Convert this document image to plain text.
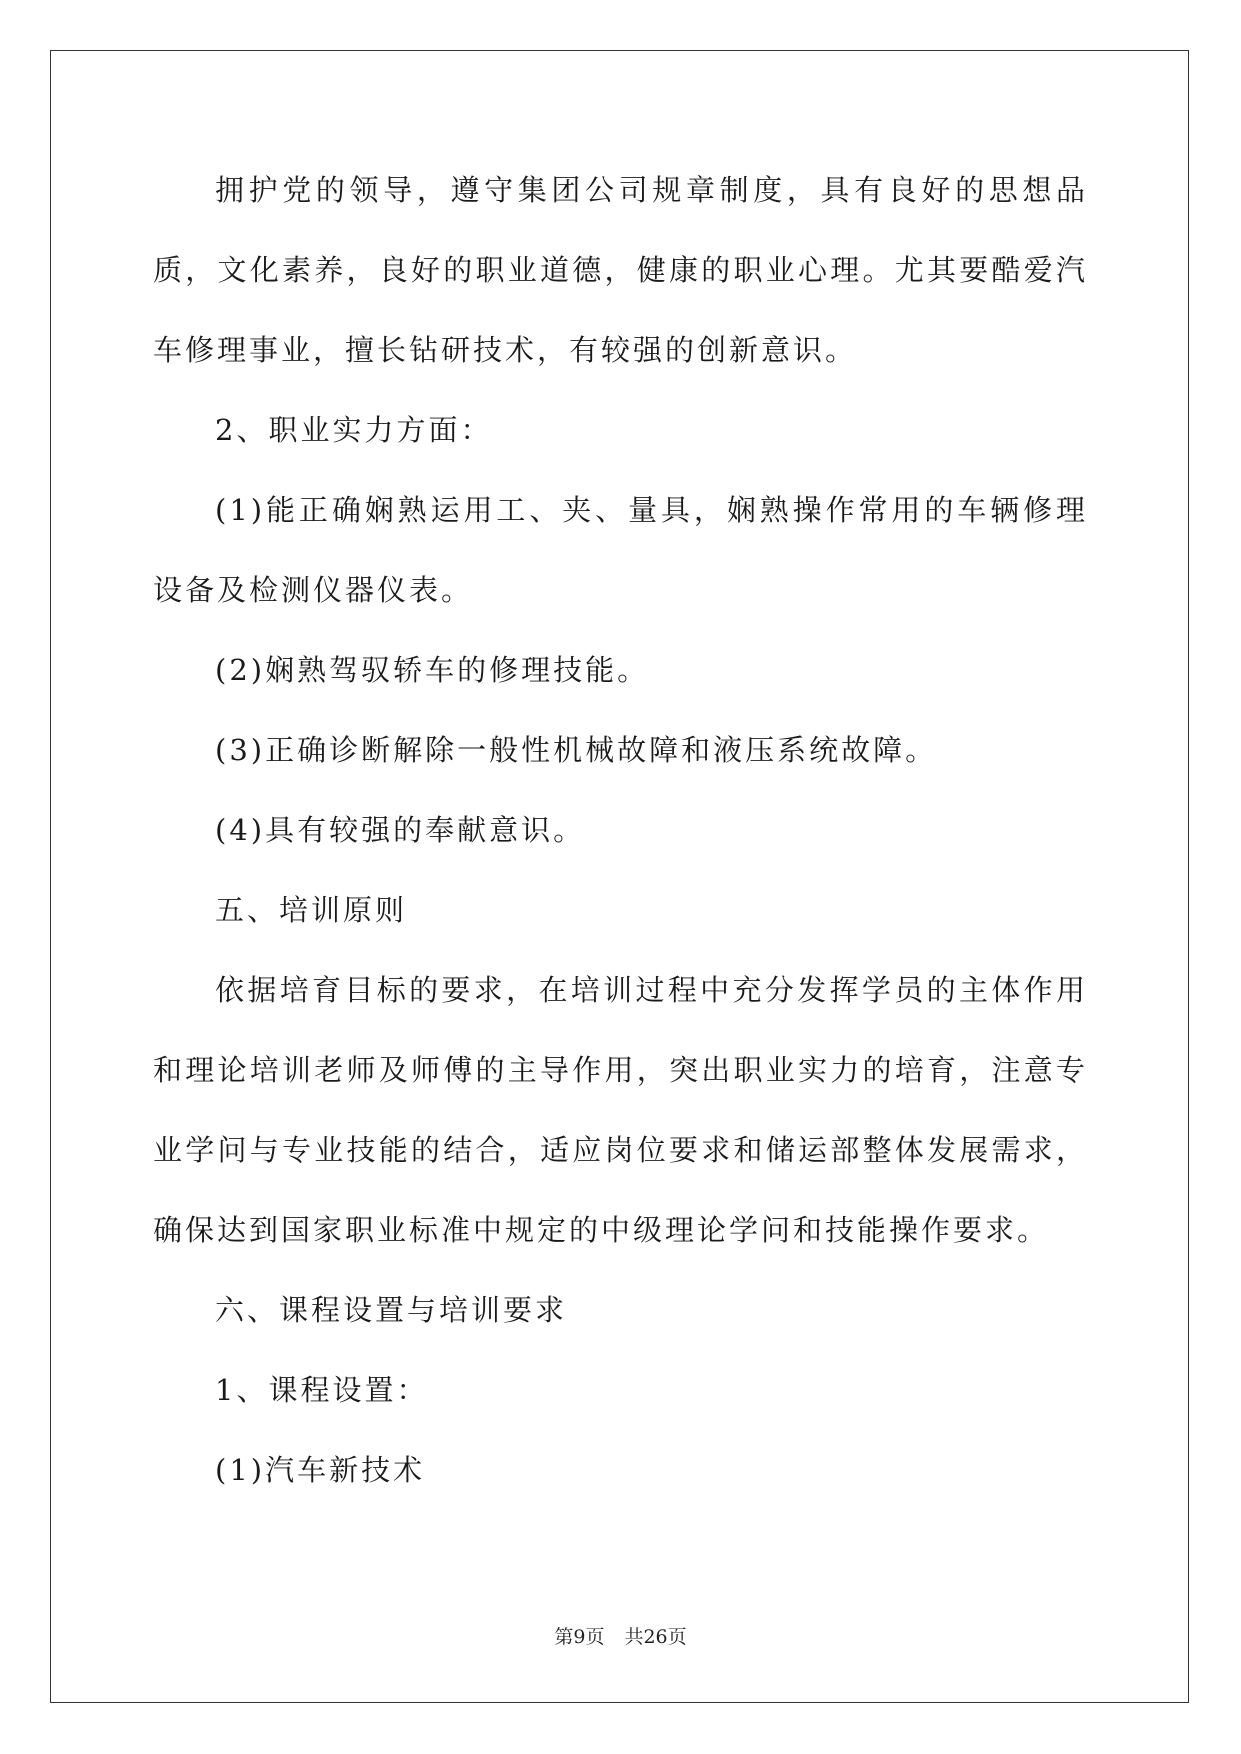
拥护党的领导，遵守集团公司规章制度，具有良好的思想品质，文化素养，良好的职业道德，健康的职业心理。尤其要酷爱汽车修理事业，擅长钻研技术，有较强的创新意识。

2、职业实力方面：

(1)能正确娴熟运用工、夹、量具，娴熟操作常用的车辆修理设备及检测仪器仪表。

(2)娴熟驾驭轿车的修理技能。

(3)正确诊断解除一般性机械故障和液压系统故障。

(4)具有较强的奉献意识。

五、培训原则

依据培育目标的要求，在培训过程中充分发挥学员的主体作用和理论培训老师及师傅的主导作用，突出职业实力的培育，注意专业学问与专业技能的结合，适应岗位要求和储运部整体发展需求，确保达到国家职业标准中规定的中级理论学问和技能操作要求。

六、课程设置与培训要求

1、课程设置：

(1)汽车新技术

第9页 共26页
